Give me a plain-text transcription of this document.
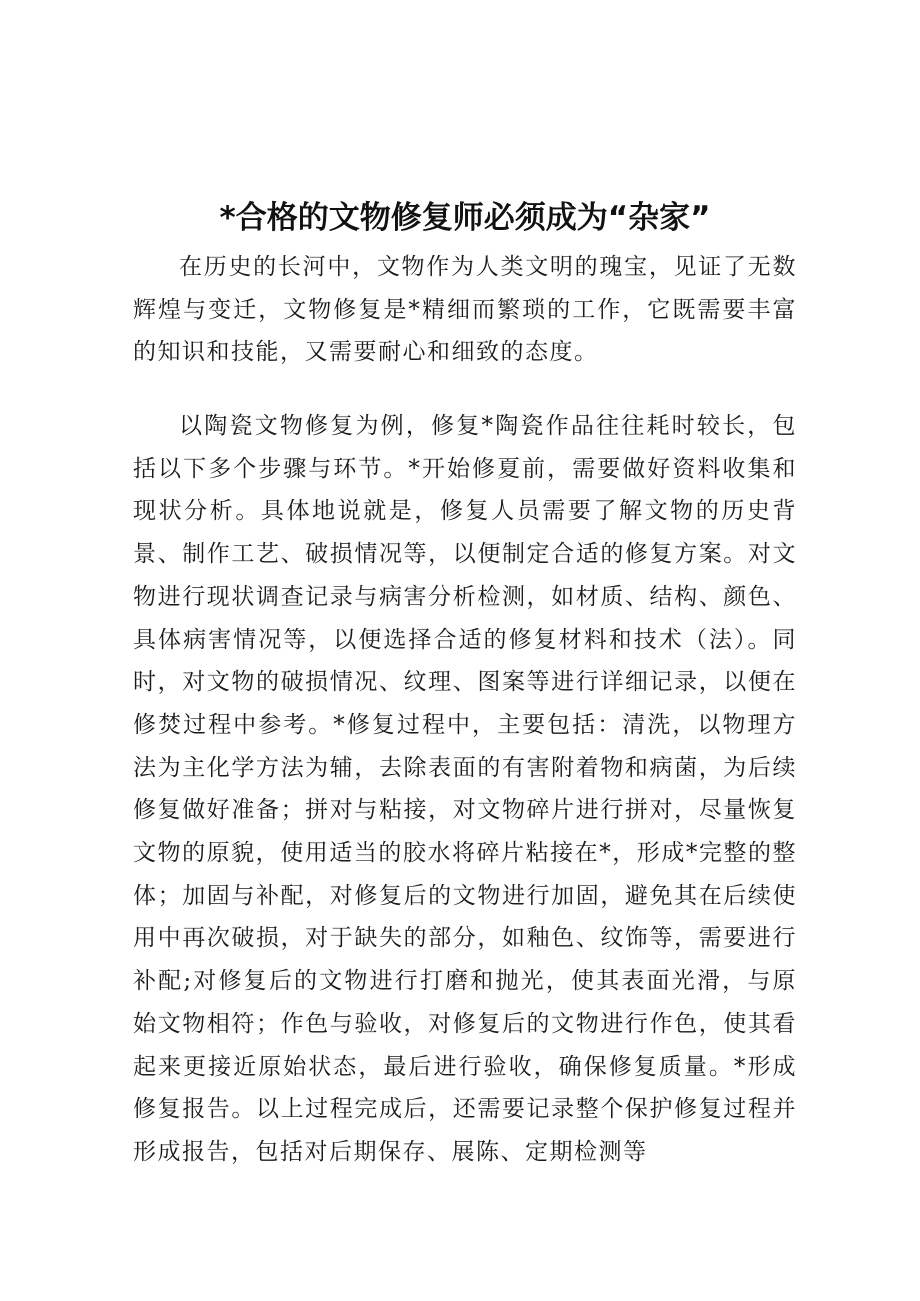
*合格的文物修复师必须成为“杂家”

在历史的长河中，文物作为人类文明的瑰宝，见证了无数辉煌与变迁，文物修复是*精细而繁琐的工作，它既需要丰富的知识和技能，又需要耐心和细致的态度。

以陶瓷文物修复为例，修复*陶瓷作品往往耗时较长，包括以下多个步骤与环节。*开始修夏前，需要做好资料收集和现状分析。具体地说就是，修复人员需要了解文物的历史背景、制作工艺、破损情况等，以便制定合适的修复方案。对文物进行现状调查记录与病害分析检测，如材质、结构、颜色、具体病害情况等，以便选择合适的修复材料和技术（法）。同时，对文物的破损情况、纹理、图案等进行详细记录，以便在修焚过程中参考。*修复过程中，主要包括：清洗，以物理方法为主化学方法为辅，去除表面的有害附着物和病菌，为后续修复做好准备；拼对与粘接，对文物碎片进行拼对，尽量恢复文物的原貌，使用适当的胶水将碎片粘接在*，形成*完整的整体；加固与补配，对修复后的文物进行加固，避免其在后续使用中再次破损，对于缺失的部分，如釉色、纹饰等，需要进行补配;对修复后的文物进行打磨和抛光，使其表面光滑，与原始文物相符；作色与验收，对修复后的文物进行作色，使其看起来更接近原始状态，最后进行验收，确保修复质量。*形成修复报告。以上过程完成后，还需要记录整个保护修复过程并形成报告，包括对后期保存、展陈、定期检测等
